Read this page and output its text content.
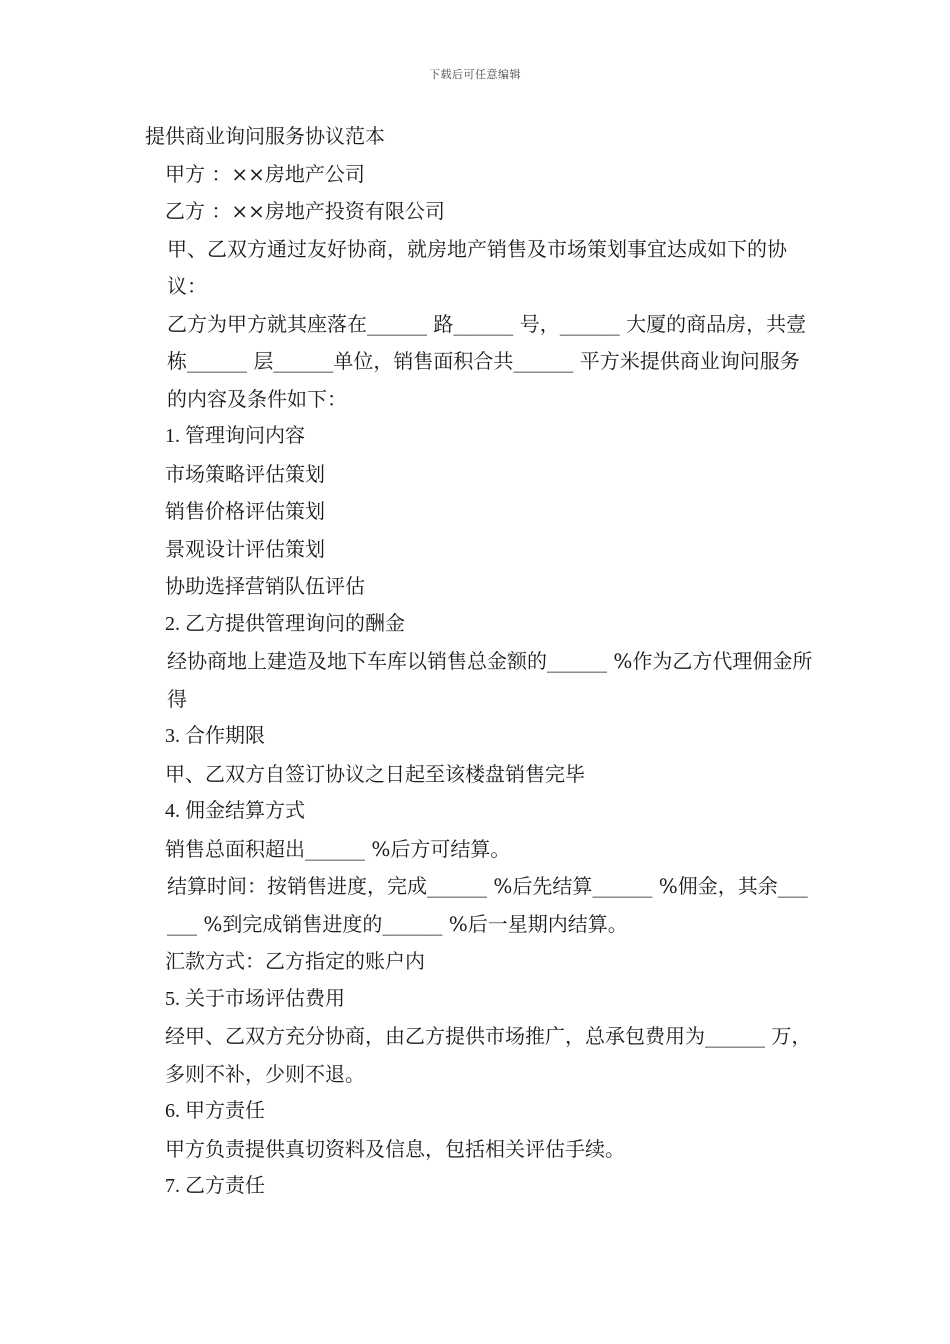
下载后可任意编辑

提供商业询问服务协议范本

甲方 ：××房地产公司

乙方 ：××房地产投资有限公司

甲、乙双方通过友好协商，就房地产销售及市场策划事宜达成如下的协议：

乙方为甲方就其座落在______ 路______ 号，______ 大厦的商品房，共壹栋______ 层______单位，销售面积合共______ 平方米提供商业询问服务的内容及条件如下：

1. 管理询问内容

市场策略评估策划

销售价格评估策划

景观设计评估策划

协助选择营销队伍评估

2. 乙方提供管理询问的酬金

经协商地上建造及地下车库以销售总金额的______ %作为乙方代理佣金所得

3. 合作期限

甲、乙双方自签订协议之日起至该楼盘销售完毕

4. 佣金结算方式

销售总面积超出______ %后方可结算。

结算时间：按销售进度，完成______ %后先结算______ %佣金，其余______ %到完成销售进度的______ %后一星期内结算。

汇款方式：乙方指定的账户内

5. 关于市场评估费用

经甲、乙双方充分协商，由乙方提供市场推广，总承包费用为______ 万，多则不补，少则不退。

6. 甲方责任

甲方负责提供真切资料及信息，包括相关评估手续。

7. 乙方责任
